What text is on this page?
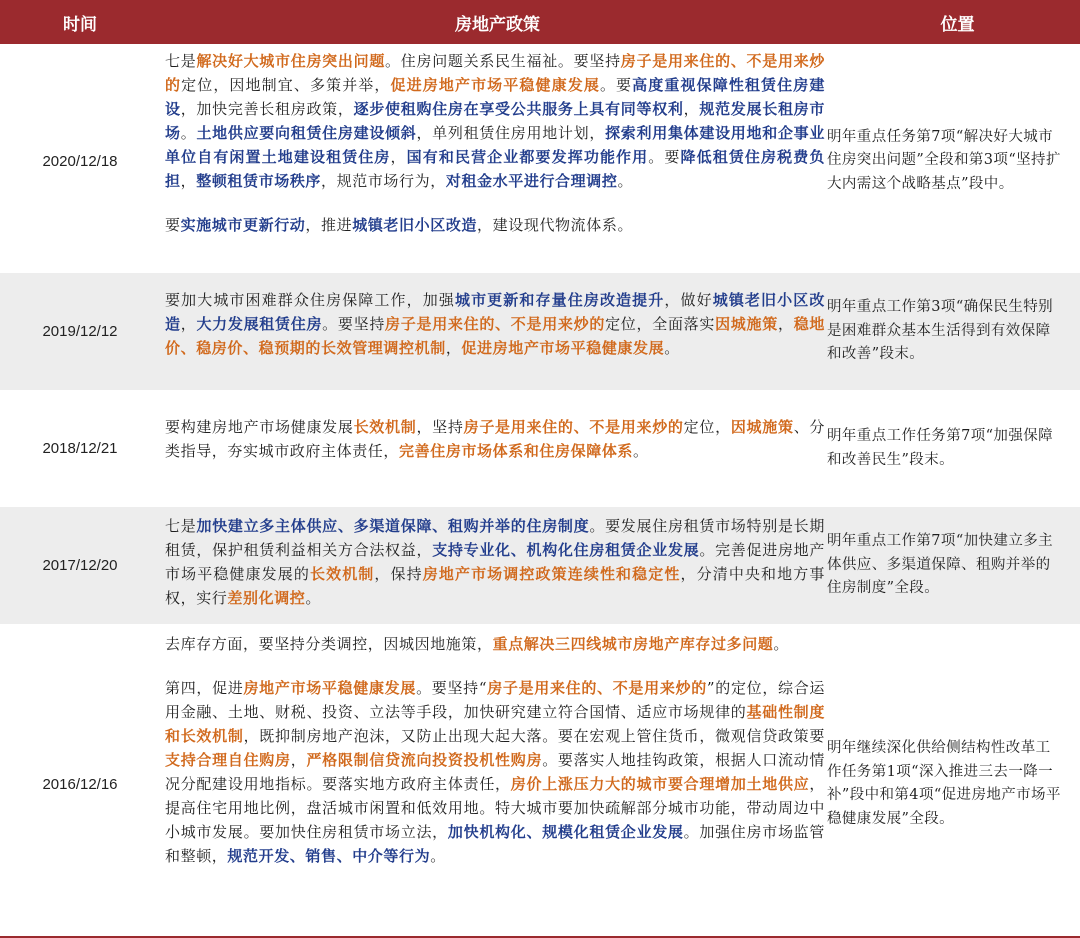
时间	房地产政策	位置
2020/12/18

七是解决好大城市住房突出问题。住房问题关系民生福祉。要坚持房子是用来住的、不是用来炒的定位，因地制宜、多策并举，促进房地产市场平稳健康发展。要高度重视保障性租赁住房建设，加快完善长租房政策，逐步使租购住房在享受公共服务上具有同等权利，规范发展长租房市场。土地供应要向租赁住房建设倾斜，单列租赁住房用地计划，探索利用集体建设用地和企事业单位自有闲置土地建设租赁住房，国有和民营企业都要发挥功能作用。要降低租赁住房税费负担，整顿租赁市场秩序，规范市场行为，对租金水平进行合理调控。

要实施城市更新行动，推进城镇老旧小区改造，建设现代物流体系。

明年重点任务第7项“解决好大城市住房突出问题”全段和第3项“坚持扩大内需这个战略基点”段中。
2019/12/12

要加大城市困难群众住房保障工作，加强城市更新和存量住房改造提升，做好城镇老旧小区改造，大力发展租赁住房。要坚持房子是用来住的、不是用来炒的定位，全面落实因城施策，稳地价、稳房价、稳预期的长效管理调控机制，促进房地产市场平稳健康发展。

明年重点工作第3项“确保民生特别是困难群众基本生活得到有效保障和改善”段末。
2018/12/21

要构建房地产市场健康发展长效机制，坚持房子是用来住的、不是用来炒的定位，因城施策、分类指导，夯实城市政府主体责任，完善住房市场体系和住房保障体系。

明年重点工作任务第7项“加强保障和改善民生”段末。
2017/12/20

七是加快建立多主体供应、多渠道保障、租购并举的住房制度。要发展住房租赁市场特别是长期租赁，保护租赁利益相关方合法权益，支持专业化、机构化住房租赁企业发展。完善促进房地产市场平稳健康发展的长效机制，保持房地产市场调控政策连续性和稳定性，分清中央和地方事权，实行差别化调控。

明年重点工作第7项“加快建立多主体供应、多渠道保障、租购并举的住房制度”全段。
2016/12/16

去库存方面，要坚持分类调控，因城因地施策，重点解决三四线城市房地产库存过多问题。

第四，促进房地产市场平稳健康发展。要坚持“房子是用来住的、不是用来炒的”的定位，综合运用金融、土地、财税、投资、立法等手段，加快研究建立符合国情、适应市场规律的基础性制度和长效机制，既抑制房地产泡沫，又防止出现大起大落。要在宏观上管住货币，微观信贷政策要支持合理自住购房，严格限制信贷流向投资投机性购房。要落实人地挂钩政策，根据人口流动情况分配建设用地指标。要落实地方政府主体责任，房价上涨压力大的城市要合理增加土地供应，提高住宅用地比例，盘活城市闲置和低效用地。特大城市要加快疏解部分城市功能，带动周边中小城市发展。要加快住房租赁市场立法，加快机构化、规模化租赁企业发展。加强住房市场监管和整顿，规范开发、销售、中介等行为。

明年继续深化供给侧结构性改革工作任务第1项“深入推进三去一降一补”段中和第4项“促进房地产市场平稳健康发展”全段。
